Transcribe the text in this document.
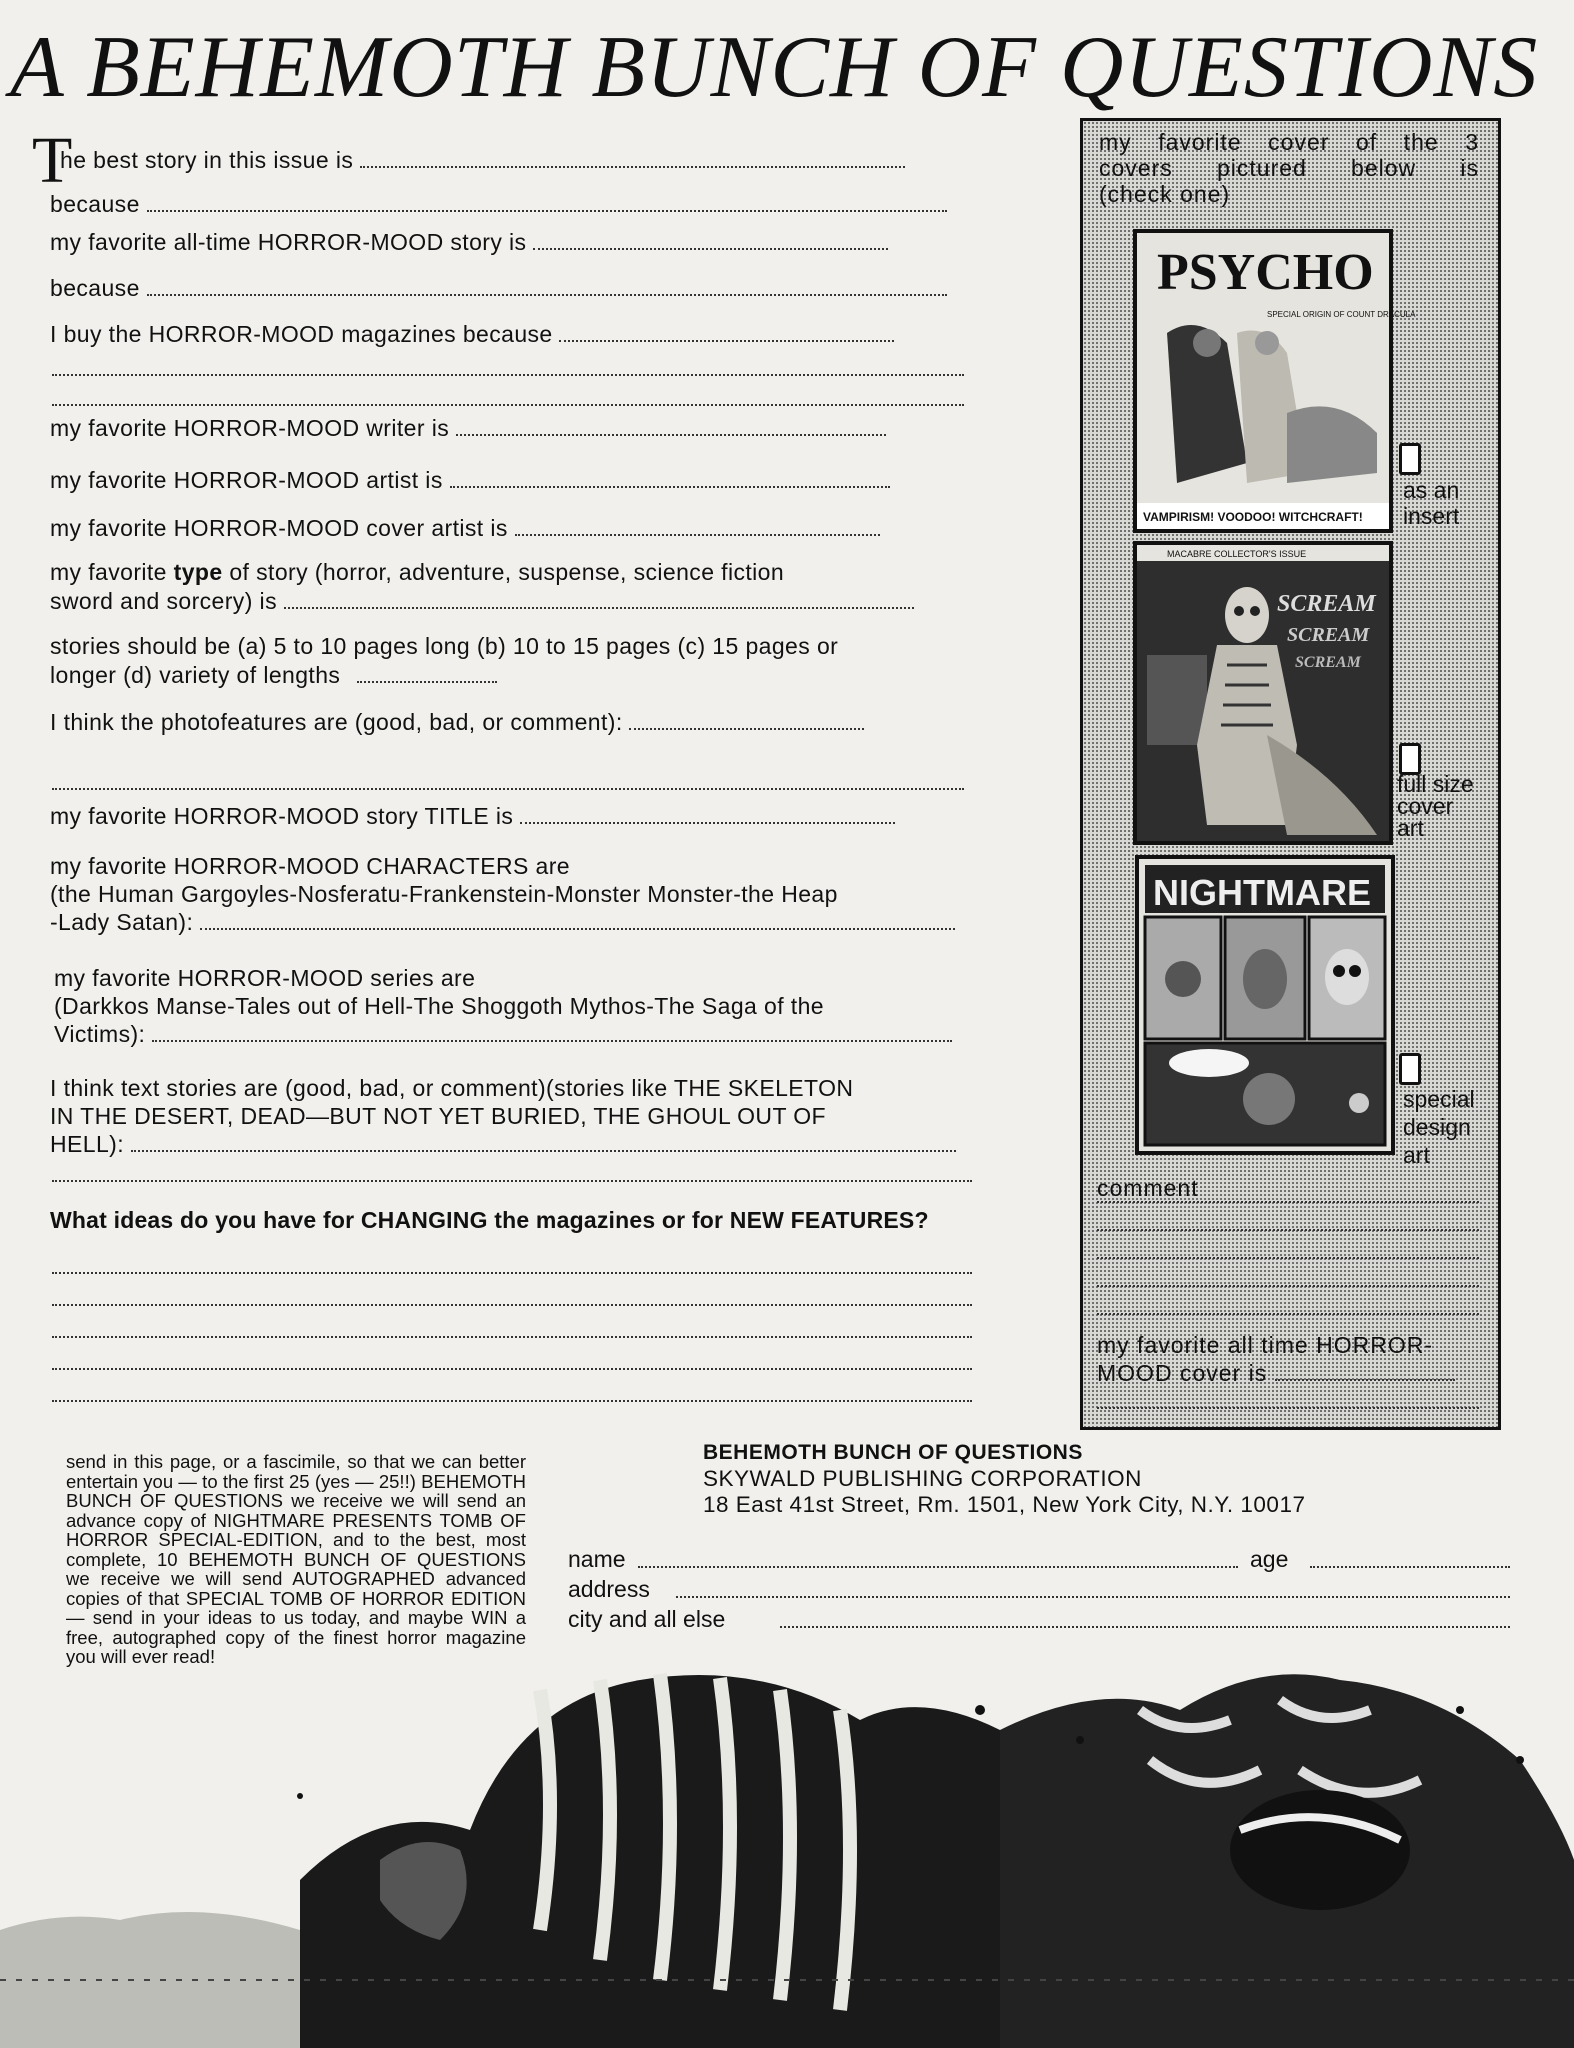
A BEHEMOTH BUNCH OF QUESTIONS
T
he best story in this issue is
because
my favorite all-time HORROR-MOOD story is
because
I buy the HORROR-MOOD magazines because
my favorite HORROR-MOOD writer is
my favorite HORROR-MOOD artist is
my favorite HORROR-MOOD cover artist is
my favorite type of story (horror, adventure, suspense, science fiction
sword and sorcery) is
stories should be (a) 5 to 10 pages long (b) 10 to 15 pages (c) 15 pages or
longer (d) variety of lengths
I think the photofeatures are (good, bad, or comment):
my favorite HORROR-MOOD story TITLE is
my favorite HORROR-MOOD CHARACTERS are
(the Human Gargoyles-Nosferatu-Frankenstein-Monster Monster-the Heap
-Lady Satan):
my favorite HORROR-MOOD series are
(Darkkos Manse-Tales out of Hell-The Shoggoth Mythos-The Saga of the
Victims):
I think text stories are (good, bad, or comment)(stories like THE SKELETON
IN THE DESERT, DEAD—BUT NOT YET BURIED, THE GHOUL OUT OF
HELL):
What ideas do you have for CHANGING the magazines or for NEW FEATURES?
my favorite cover of the 3
covers pictured below is
(check one)
PSYCHO
SPECIAL ORIGIN OF COUNT DRACULA
VAMPIRISM! VOODOO! WITCHCRAFT!
as an
insert
MACABRE COLLECTOR'S ISSUE
SCREAM
SCREAM
SCREAM
full size
cover
art
NIGHTMARE
special
design
art
comment
my favorite all time HORROR-
MOOD cover is
send in this page, or a fascimile, so that we can better entertain you — to the first 25 (yes — 25!!) BEHEMOTH BUNCH OF QUESTIONS we receive we will send an advance copy of NIGHTMARE PRESENTS TOMB OF HORROR SPECIAL-EDITION, and to the best, most complete, 10 BEHEMOTH BUNCH OF QUESTIONS we receive we will send AUTOGRAPHED advanced copies of that SPECIAL TOMB OF HORROR EDITION — send in your ideas to us today, and maybe WIN a free, autographed copy of the finest horror magazine you will ever read!
BEHEMOTH BUNCH OF QUESTIONS
SKYWALD PUBLISHING CORPORATION
18 East 41st Street, Rm. 1501, New York City, N.Y. 10017
name	age
address
city and all else
